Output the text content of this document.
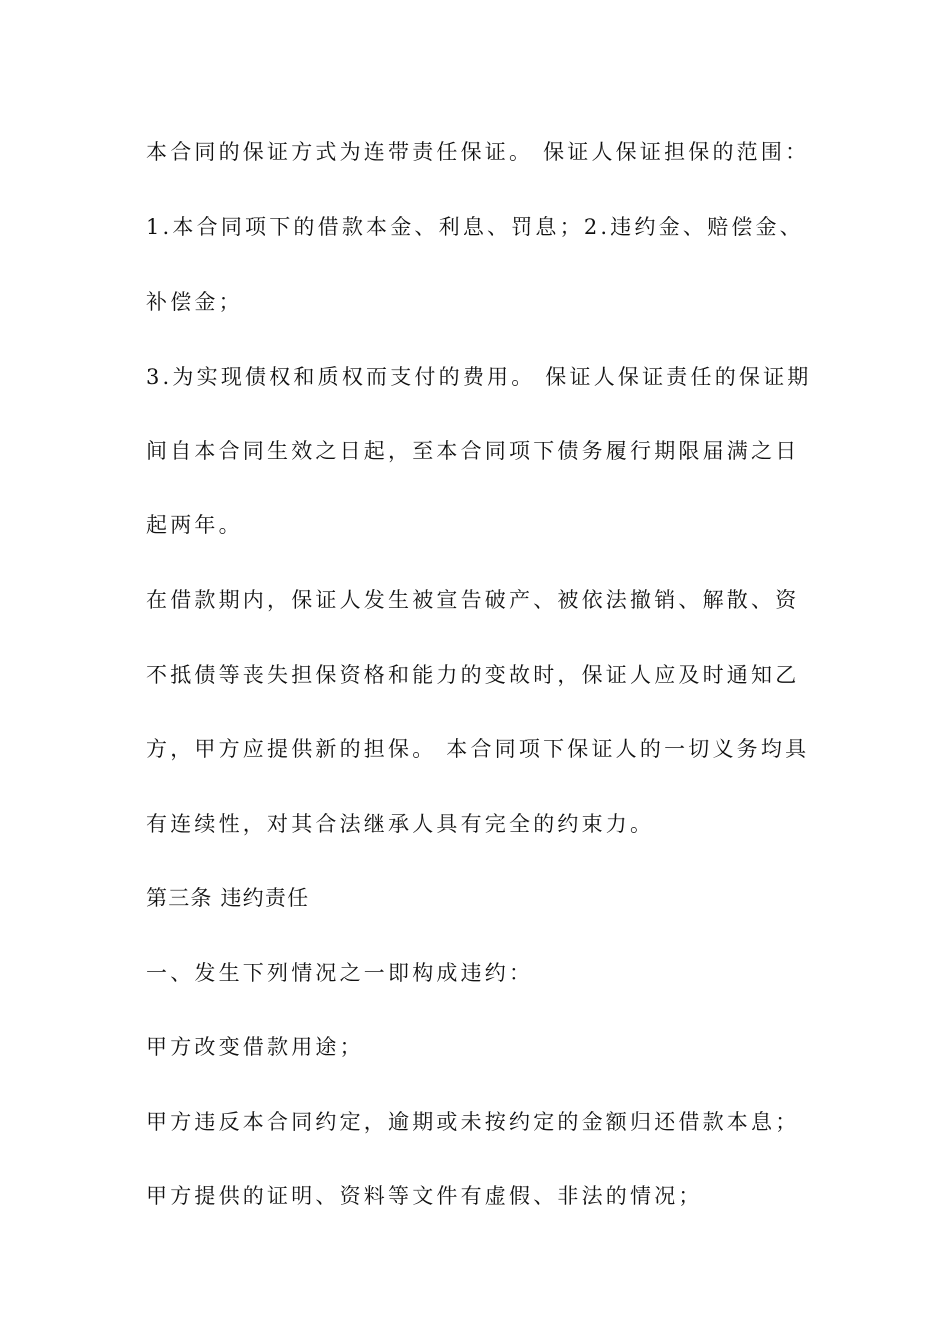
本合同的保证方式为连带责任保证。 保证人保证担保的范围：
1.本合同项下的借款本金、利息、罚息；2.违约金、赔偿金、
补偿金；
3.为实现债权和质权而支付的费用。 保证人保证责任的保证期
间自本合同生效之日起，至本合同项下债务履行期限届满之日
起两年。
在借款期内，保证人发生被宣告破产、被依法撤销、解散、资
不抵债等丧失担保资格和能力的变故时，保证人应及时通知乙
方，甲方应提供新的担保。 本合同项下保证人的一切义务均具
有连续性，对其合法继承人具有完全的约束力。
第三条 违约责任
一、发生下列情况之一即构成违约：
甲方改变借款用途；
甲方违反本合同约定，逾期或未按约定的金额归还借款本息；
甲方提供的证明、资料等文件有虚假、非法的情况；
